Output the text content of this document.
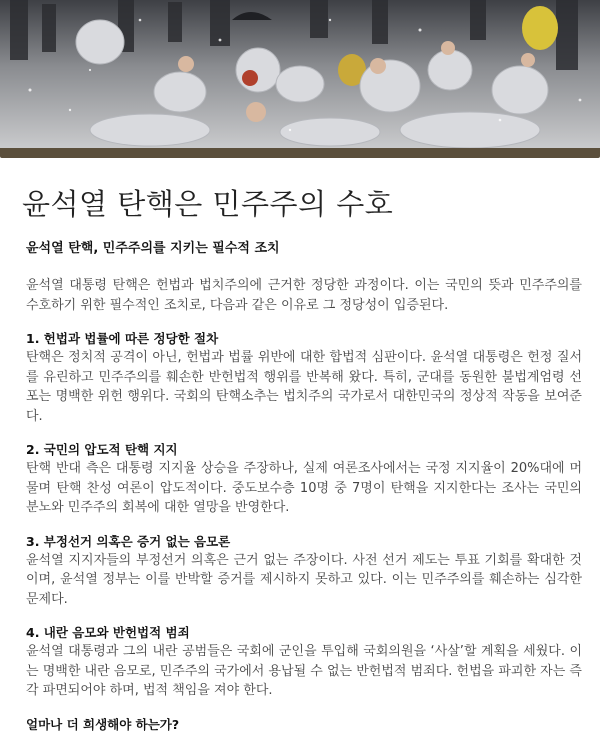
윤석열 탄핵은 민주주의 수호
윤석열 탄핵, 민주주의를 지키는 필수적 조치

윤석열 대통령 탄핵은 헌법과 법치주의에 근거한 정당한 과정이다. 이는 국민의 뜻과 민주주의를 수호하기 위한 필수적인 조치로, 다음과 같은 이유로 그 정당성이 입증된다.

1. 헌법과 법률에 따른 정당한 절차

탄핵은 정치적 공격이 아닌, 헌법과 법률 위반에 대한 합법적 심판이다. 윤석열 대통령은 헌정 질서를 유린하고 민주주의를 훼손한 반헌법적 행위를 반복해 왔다. 특히, 군대를 동원한 불법계엄령 선포는 명백한 위헌 행위다. 국회의 탄핵소추는 법치주의 국가로서 대한민국의 정상적 작동을 보여준다.

2. 국민의 압도적 탄핵 지지

탄핵 반대 측은 대통령 지지율 상승을 주장하나, 실제 여론조사에서는 국정 지지율이 20%대에 머물며 탄핵 찬성 여론이 압도적이다. 중도보수층 10명 중 7명이 탄핵을 지지한다는 조사는 국민의 분노와 민주주의 회복에 대한 열망을 반영한다.

3. 부정선거 의혹은 증거 없는 음모론

윤석열 지지자들의 부정선거 의혹은 근거 없는 주장이다. 사전 선거 제도는 투표 기회를 확대한 것이며, 윤석열 정부는 이를 반박할 증거를 제시하지 못하고 있다. 이는 민주주의를 훼손하는 심각한 문제다.

4. 내란 음모와 반헌법적 범죄

윤석열 대통령과 그의 내란 공범들은 국회에 군인을 투입해 국회의원을 ‘사살’할 계획을 세웠다. 이는 명백한 내란 음모로, 민주주의 국가에서 용납될 수 없는 반헌법적 범죄다. 헌법을 파괴한 자는 즉각 파면되어야 하며, 법적 책임을 져야 한다.

얼마나 더 희생해야 하는가?
